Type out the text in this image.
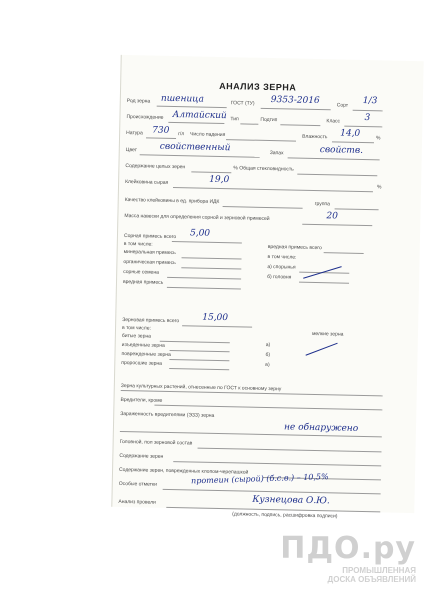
АНАЛИЗ ЗЕРНА
Род зерна пшеница	ГОСТ (ТУ) 9353-2016	Сорт 1/3
Происхождение Алтайский Тип	Подтип	Класс	3
Натура 730 г/л Число падения	Влажность 14,0	%
Цвет	свойственный	Запах	свойств.
Содержание целых зерен	% Общая стекловидность
Клейковина сырая	19,0
%
Качество клейковины в ед. прибора ИДК	группа
Масса навески для определения сорной и зерновой примесей	20
Сорная примесь всего 5,00
в том числе:
минеральная примесь
органическая примесь
сорные семена
вредная примесь
вредная примесь всего
в том числе:
а) спорынья
б) головня
Зерновая примесь всего	15,00
в том числе:
битые зерна
изъеденные зерна
поврежденные зерна
проросшие зерна
мелкие зерна
а)
б)
в)
Зерна культурных растений, отнесенные по ГОСТ к основному зерну
Вредители, кроме
Зараженность вредителями (ЭЗЗ) зерна
не обнаружено
Головной, пол зерновой состав
Содержание зерен
Содержание зерен, поврежденных клопом-черепашкой
Особые отметки	протеин (сырой) (б.с.в.) – 10,5%
Анализ провели	Кузнецова О.Ю.
(должность, подпись, расшифровка подписи)
ПДО.ру
ПРОМЫШЛЕННАЯ
ДОСКА ОБЪЯВЛЕНИЙ
